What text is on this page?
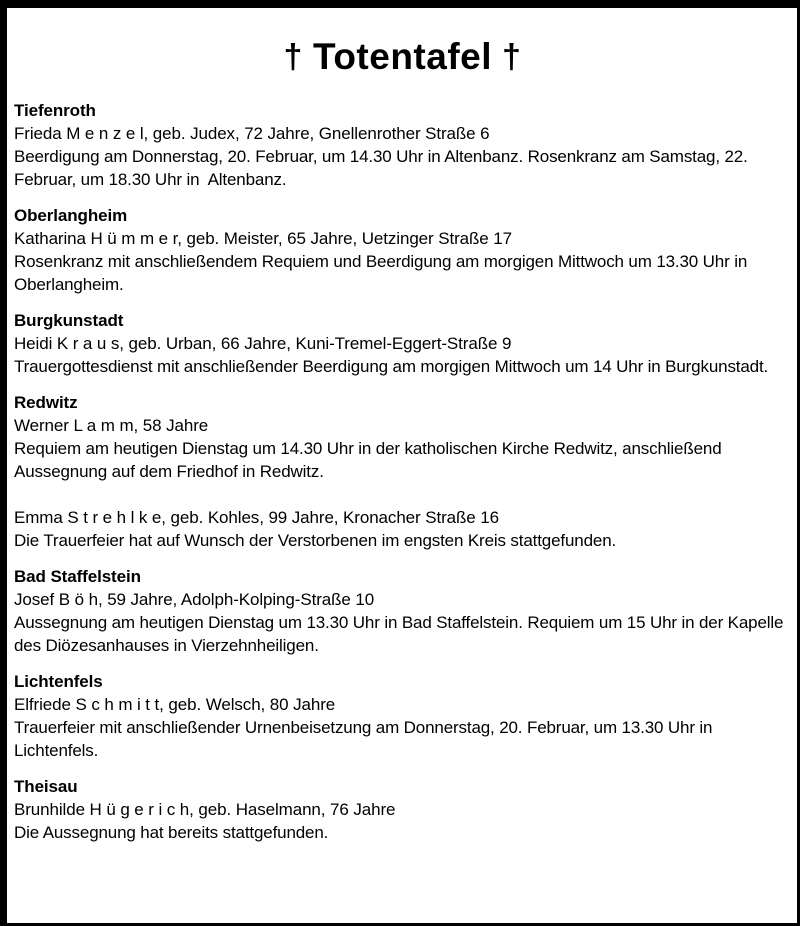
† Totentafel †
Tiefenroth

Frieda M e n z e l, geb. Judex, 72 Jahre, Gnellenrother Straße 6

Beerdigung am Donnerstag, 20. Februar, um 14.30 Uhr in Altenbanz. Rosenkranz am Samstag, 22. Februar, um 18.30 Uhr in  Altenbanz.

Oberlangheim

Katharina H ü m m e r, geb. Meister, 65 Jahre, Uetzinger Straße 17

Rosenkranz mit anschließendem Requiem und Beerdigung am morgigen Mittwoch um 13.30 Uhr in Oberlangheim.

Burgkunstadt

Heidi K r a u s, geb. Urban, 66 Jahre, Kuni-Tremel-Eggert-Straße 9

Trauergottesdienst mit anschließender Beerdigung am morgigen Mittwoch um 14 Uhr in Burgkunstadt.

Redwitz

Werner L a m m, 58 Jahre

Requiem am heutigen Dienstag um 14.30 Uhr in der katholischen Kirche Redwitz, anschließend Aussegnung auf dem Friedhof in Redwitz.

Emma S t r e h l k e, geb. Kohles, 99 Jahre, Kronacher Straße 16

Die Trauerfeier hat auf Wunsch der Verstorbenen im engsten Kreis stattgefunden.

Bad Staffelstein

Josef B ö h, 59 Jahre, Adolph-Kolping-Straße 10

Aussegnung am heutigen Dienstag um 13.30 Uhr in Bad Staffelstein. Requiem um 15 Uhr in der Kapelle des Diözesanhauses in Vierzehnheiligen.

Lichtenfels

Elfriede S c h m i t t, geb. Welsch, 80 Jahre

Trauerfeier mit anschließender Urnenbeisetzung am Donnerstag, 20. Februar, um 13.30 Uhr in Lichtenfels.

Theisau

Brunhilde H ü g e r i c h, geb. Haselmann, 76 Jahre

Die Aussegnung hat bereits stattgefunden.
